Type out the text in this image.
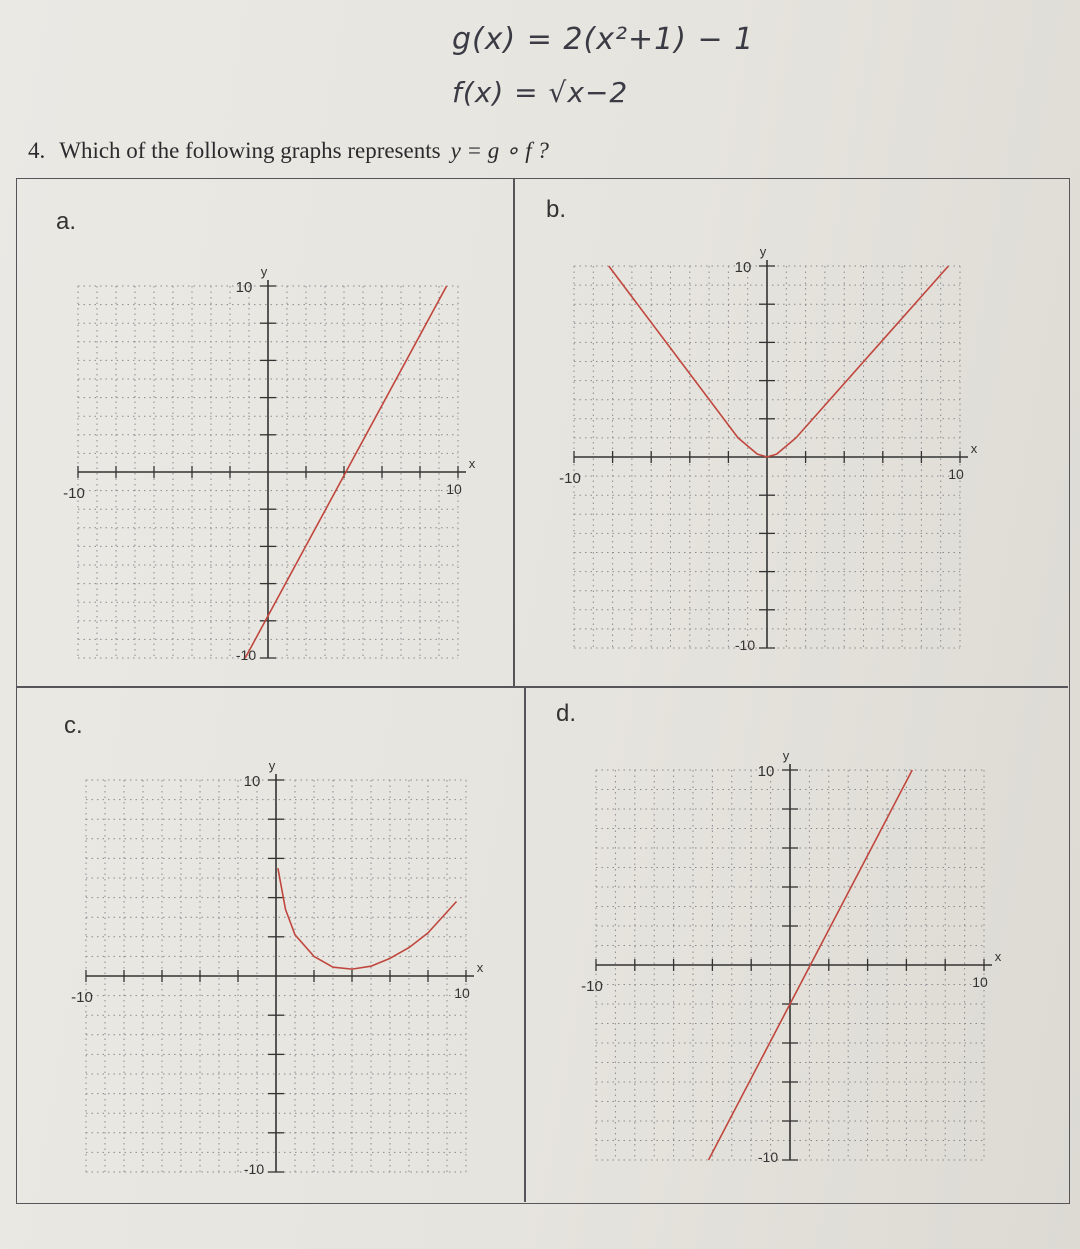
g(x) = 2(x²+1) − 1
f(x) = √x−2
4. Which of the following graphs represents y = g ∘ f ?
a.	b.
c.	d.
x
y
-10	10
10
-10
x
y
-10	10
10
-10
x
y
-10	10
10
-10
x
y
-10	10
10
-10
